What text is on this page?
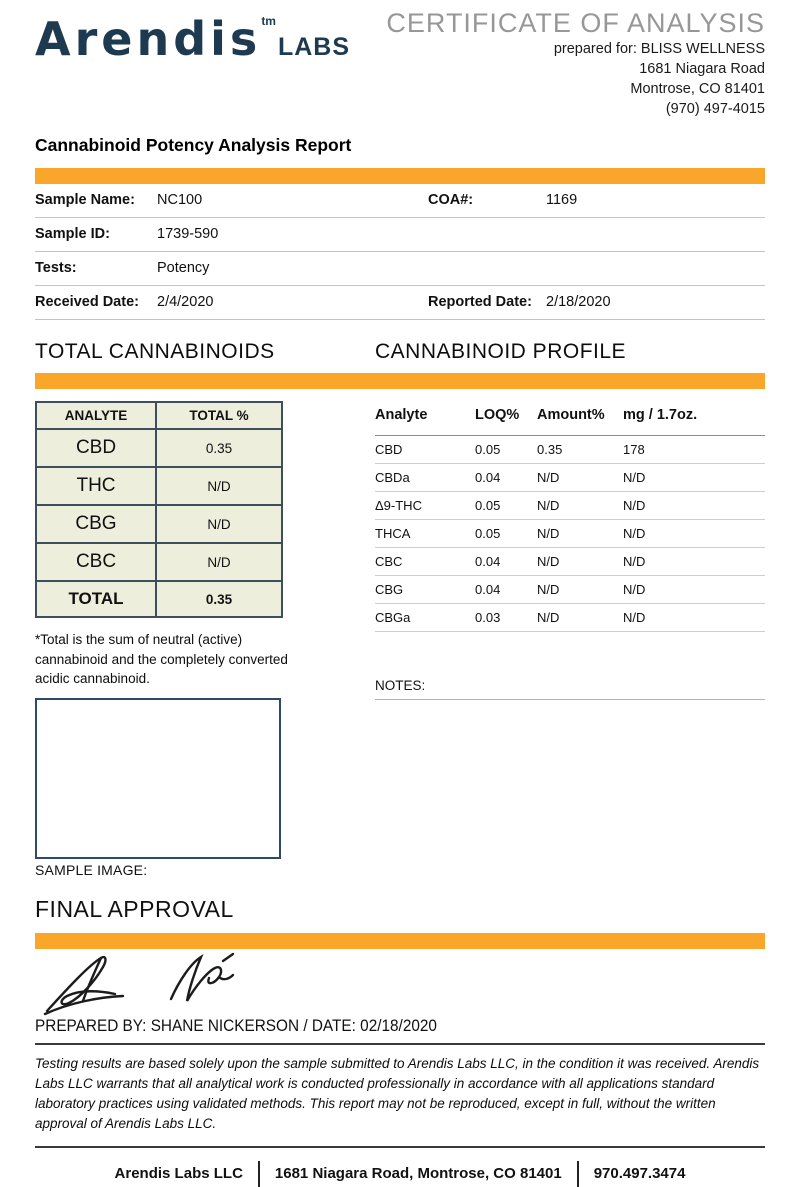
Arendis$^{tm}$LABS
CERTIFICATE OF ANALYSIS
prepared for: BLISS WELLNESS
1681 Niagara Road
Montrose, CO 81401
(970) 497-4015
Cannabinoid Potency Analysis Report
Sample Name:	NC100	COA#:	1169
Sample ID:	1739-590
Tests:	Potency
Received Date:	2/4/2020	Reported Date: 2/18/2020
TOTAL CANNABINOIDS	CANNABINOID PROFILE
ANALYTE	TOTAL %
CBD	0.35
THC	N/D
CBG	N/D
CBC	N/D
TOTAL	0.35
*Total is the sum of neutral (active) cannabinoid and the completely converted acidic cannabinoid.
SAMPLE IMAGE:
Analyte	LOQ%	Amount%	mg / 1.7oz.
CBD	0.05	0.35	178
CBDa	0.04	N/D	N/D
Δ9-THC	0.05	N/D	N/D
THCA	0.05	N/D	N/D
CBC	0.04	N/D	N/D
CBG	0.04	N/D	N/D
CBGa	0.03	N/D	N/D
NOTES:
FINAL APPROVAL
PREPARED BY: SHANE NICKERSON / DATE: 02/18/2020
Testing results are based solely upon the sample submitted to Arendis Labs LLC, in the condition it was received. Arendis Labs LLC warrants that all analytical work is conducted professionally in accordance with all applications standard laboratory practices using validated methods. This report may not be reproduced, except in full, without the written approval of Arendis Labs LLC.
Arendis Labs LLC 1681 Niagara Road, Montrose, CO 81401 970.497.3474
